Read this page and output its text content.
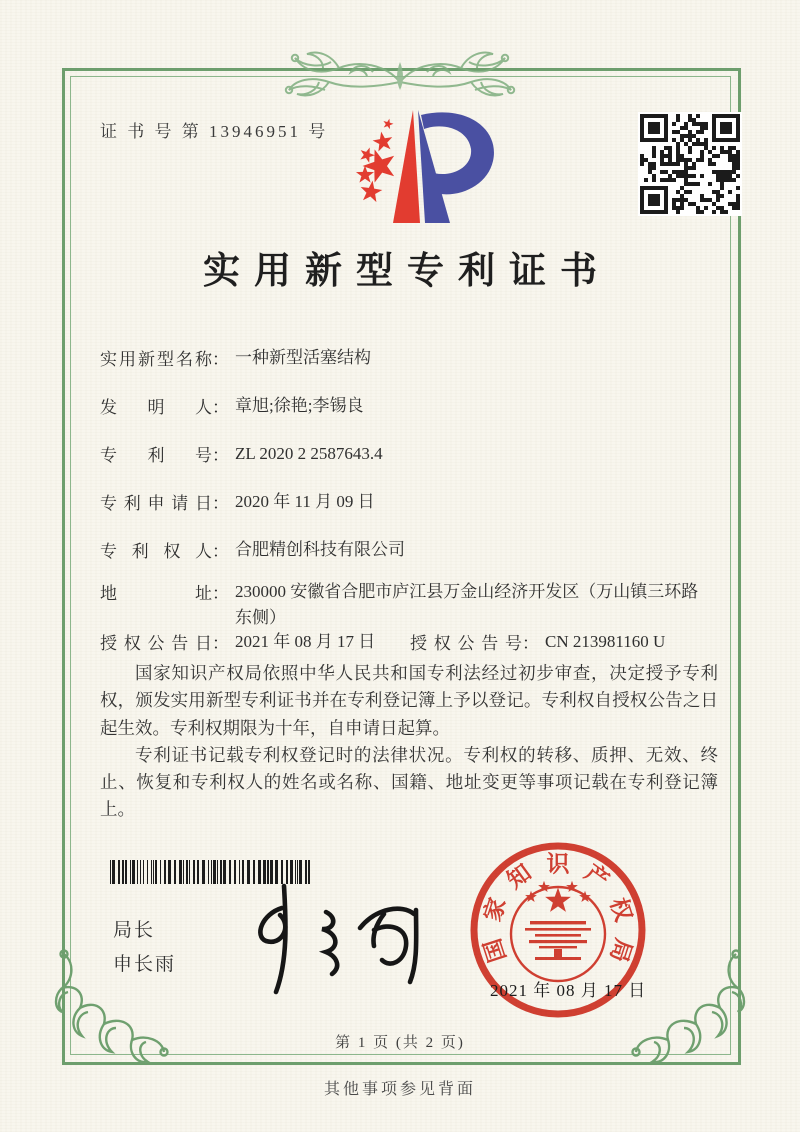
证 书 号 第 13946951 号
实用新型专利证书
实用新型名称： 一种新型活塞结构
发明人： 章旭;徐艳;李锡良
专利号： ZL 2020 2 2587643.4
专利申请日： 2020 年 11 月 09 日
专利权人： 合肥精创科技有限公司
地址： 230000 安徽省合肥市庐江县万金山经济开发区（万山镇三环路东侧）
授权公告日： 2021 年 08 月 17 日 授权公告号： CN 213981160 U

国家知识产权局依照中华人民共和国专利法经过初步审查，决定授予专利权，颁发实用新型专利证书并在专利登记簿上予以登记。专利权自授权公告之日起生效。专利权期限为十年，自申请日起算。

专利证书记载专利权登记时的法律状况。专利权的转移、质押、无效、终止、恢复和专利权人的姓名或名称、国籍、地址变更等事项记载在专利登记簿上。

局长
申长雨	国
家
知 识 产
权
局
2021 年 08 月 17 日
第 1 页 (共 2 页)
其他事项参见背面
